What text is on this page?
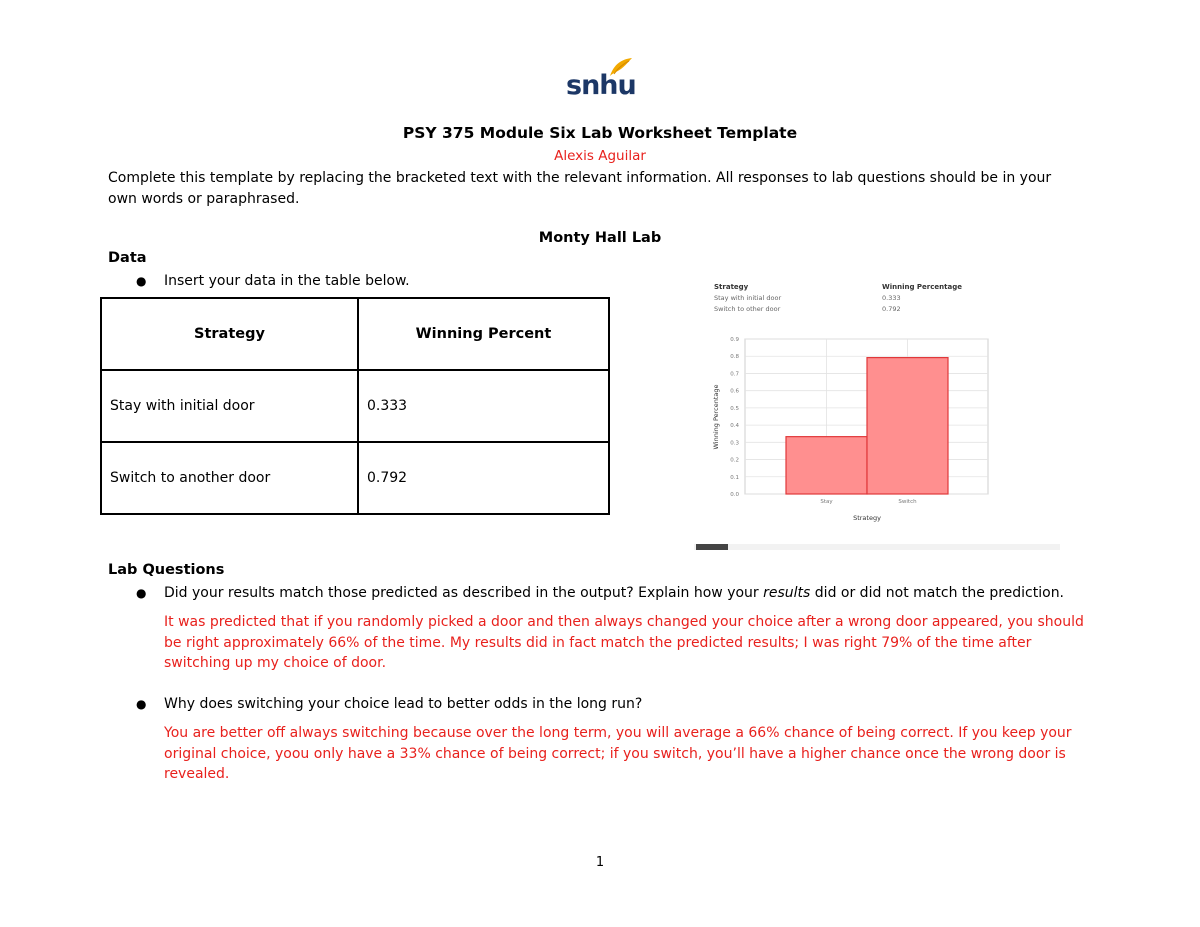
snhu
PSY 375 Module Six Lab Worksheet Template
Alexis Aguilar
Complete this template by replacing the bracketed text with the relevant information. All responses to lab questions should be in your own words or paraphrased.
Monty Hall Lab
Data
● Insert your data in the table below.
Strategy	Winning Percent
Stay with initial door	0.333
Switch to another door	0.792
Strategy	Winning Percentage
Stay with initial door	0.333
Switch to other door	0.792
0.0
0.1
0.2
0.3
0.4
0.5
0.6
0.7
0.8
0.9
Stay	Switch
Strategy
Winning Percentage
Lab Questions
● Did your results match those predicted as described in the output? Explain how your results did or did not match the prediction.
It was predicted that if you randomly picked a door and then always changed your choice after a wrong door appeared, you should be right approximately 66% of the time. My results did in fact match the predicted results; I was right 79% of the time after switching up my choice of door.
● Why does switching your choice lead to better odds in the long run?
You are better off always switching because over the long term, you will average a 66% chance of being correct. If you keep your original choice, yoou only have a 33% chance of being correct; if you switch, you’ll have a higher chance once the wrong door is revealed.
1
